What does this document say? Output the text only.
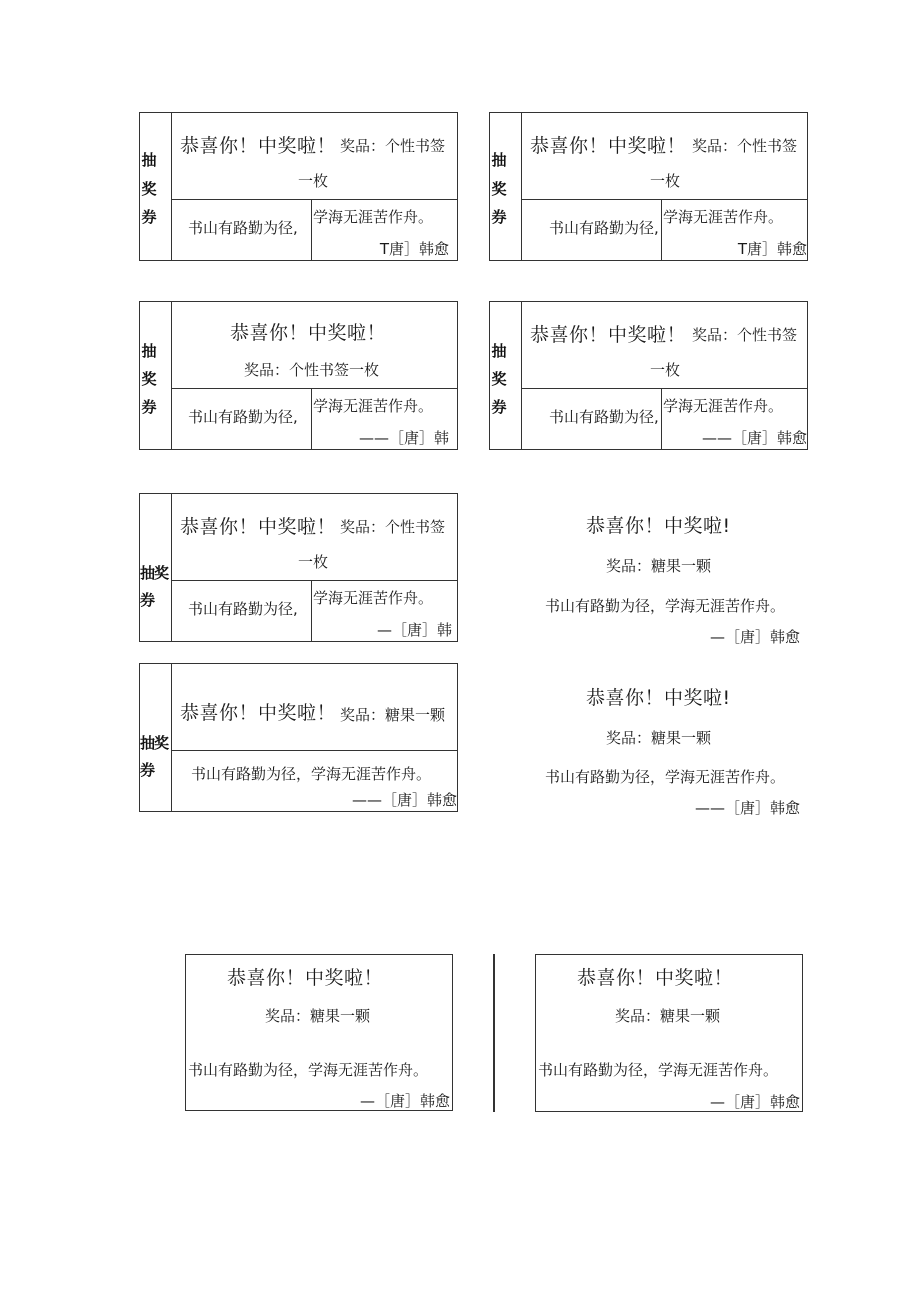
抽
奖
券
恭喜你！中奖啦！ 奖品：个性书签
一枚
书山有路勤为径,
学海无涯苦作舟。
T唐］韩愈
抽
奖
券
恭喜你！中奖啦！ 奖品：个性书签
一枚
书山有路勤为径,
学海无涯苦作舟。
T唐］韩愈
抽
奖
券
恭喜你！中奖啦！
奖品：个性书签一枚
书山有路勤为径,
学海无涯苦作舟。
——［唐］韩
抽
奖
券
恭喜你！中奖啦！ 奖品：个性书签
一枚
书山有路勤为径,
学海无涯苦作舟。
——［唐］韩愈
抽奖
券
恭喜你！中奖啦！ 奖品：个性书签
一枚
书山有路勤为径,
学海无涯苦作舟。
—［唐］韩
恭喜你！中奖啦!
奖品：糖果一颗
书山有路勤为径，学海无涯苦作舟。
—［唐］韩愈
抽奖
券
恭喜你！中奖啦！ 奖品：糖果一颗
书山有路勤为径，学海无涯苦作舟。
——［唐］韩愈
恭喜你！中奖啦!
奖品：糖果一颗
书山有路勤为径，学海无涯苦作舟。
——［唐］韩愈
恭喜你！中奖啦！
奖品：糖果一颗
书山有路勤为径，学海无涯苦作舟。
—［唐］韩愈
恭喜你！中奖啦！
奖品：糖果一颗
书山有路勤为径，学海无涯苦作舟。
—［唐］韩愈
